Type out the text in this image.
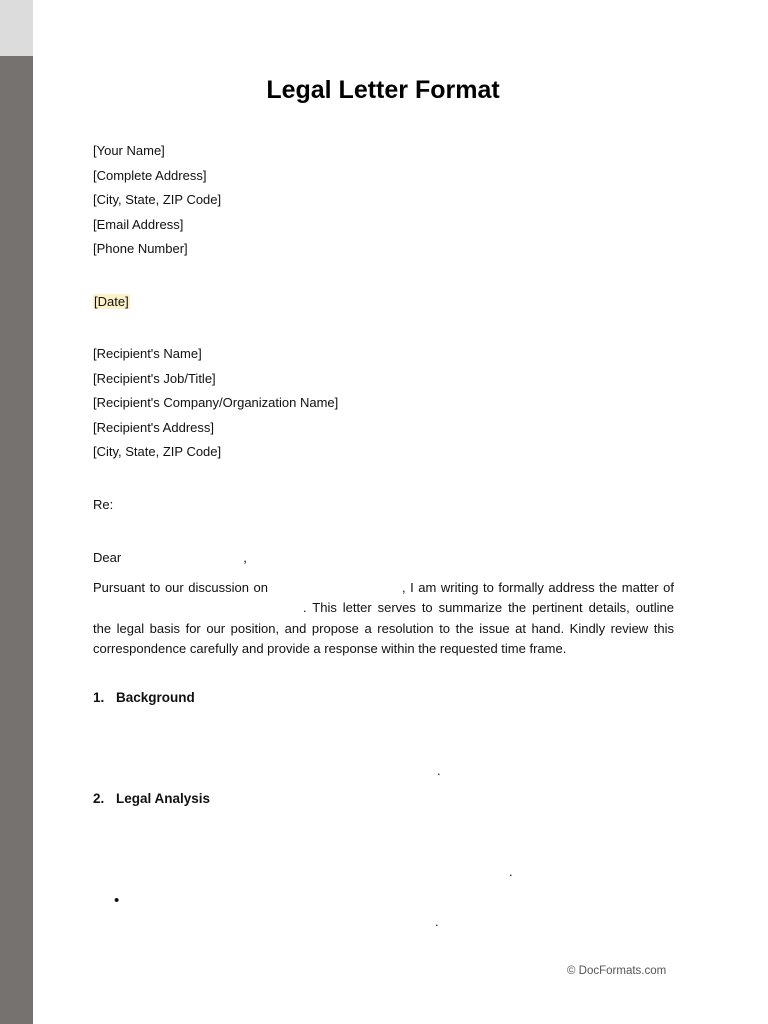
Legal Letter Format
[Your Name]
[Complete Address]
[City, State, ZIP Code]
[Email Address]
[Phone Number]
[Date]
[Recipient's Name]
[Recipient's Job/Title]
[Recipient's Company/Organization Name]
[Recipient's Address]
[City, State, ZIP Code]
Re:
Dear	,
Pursuant to our discussion on	, I am writing to formally address the matter of. This letter serves to summarize the pertinent details, outline the legal basis for our position, and propose a resolution to the issue at hand. Kindly review this correspondence carefully and provide a response within the requested time frame.
1. Background
.
2. Legal Analysis
.
•
.
© DocFormats.com
